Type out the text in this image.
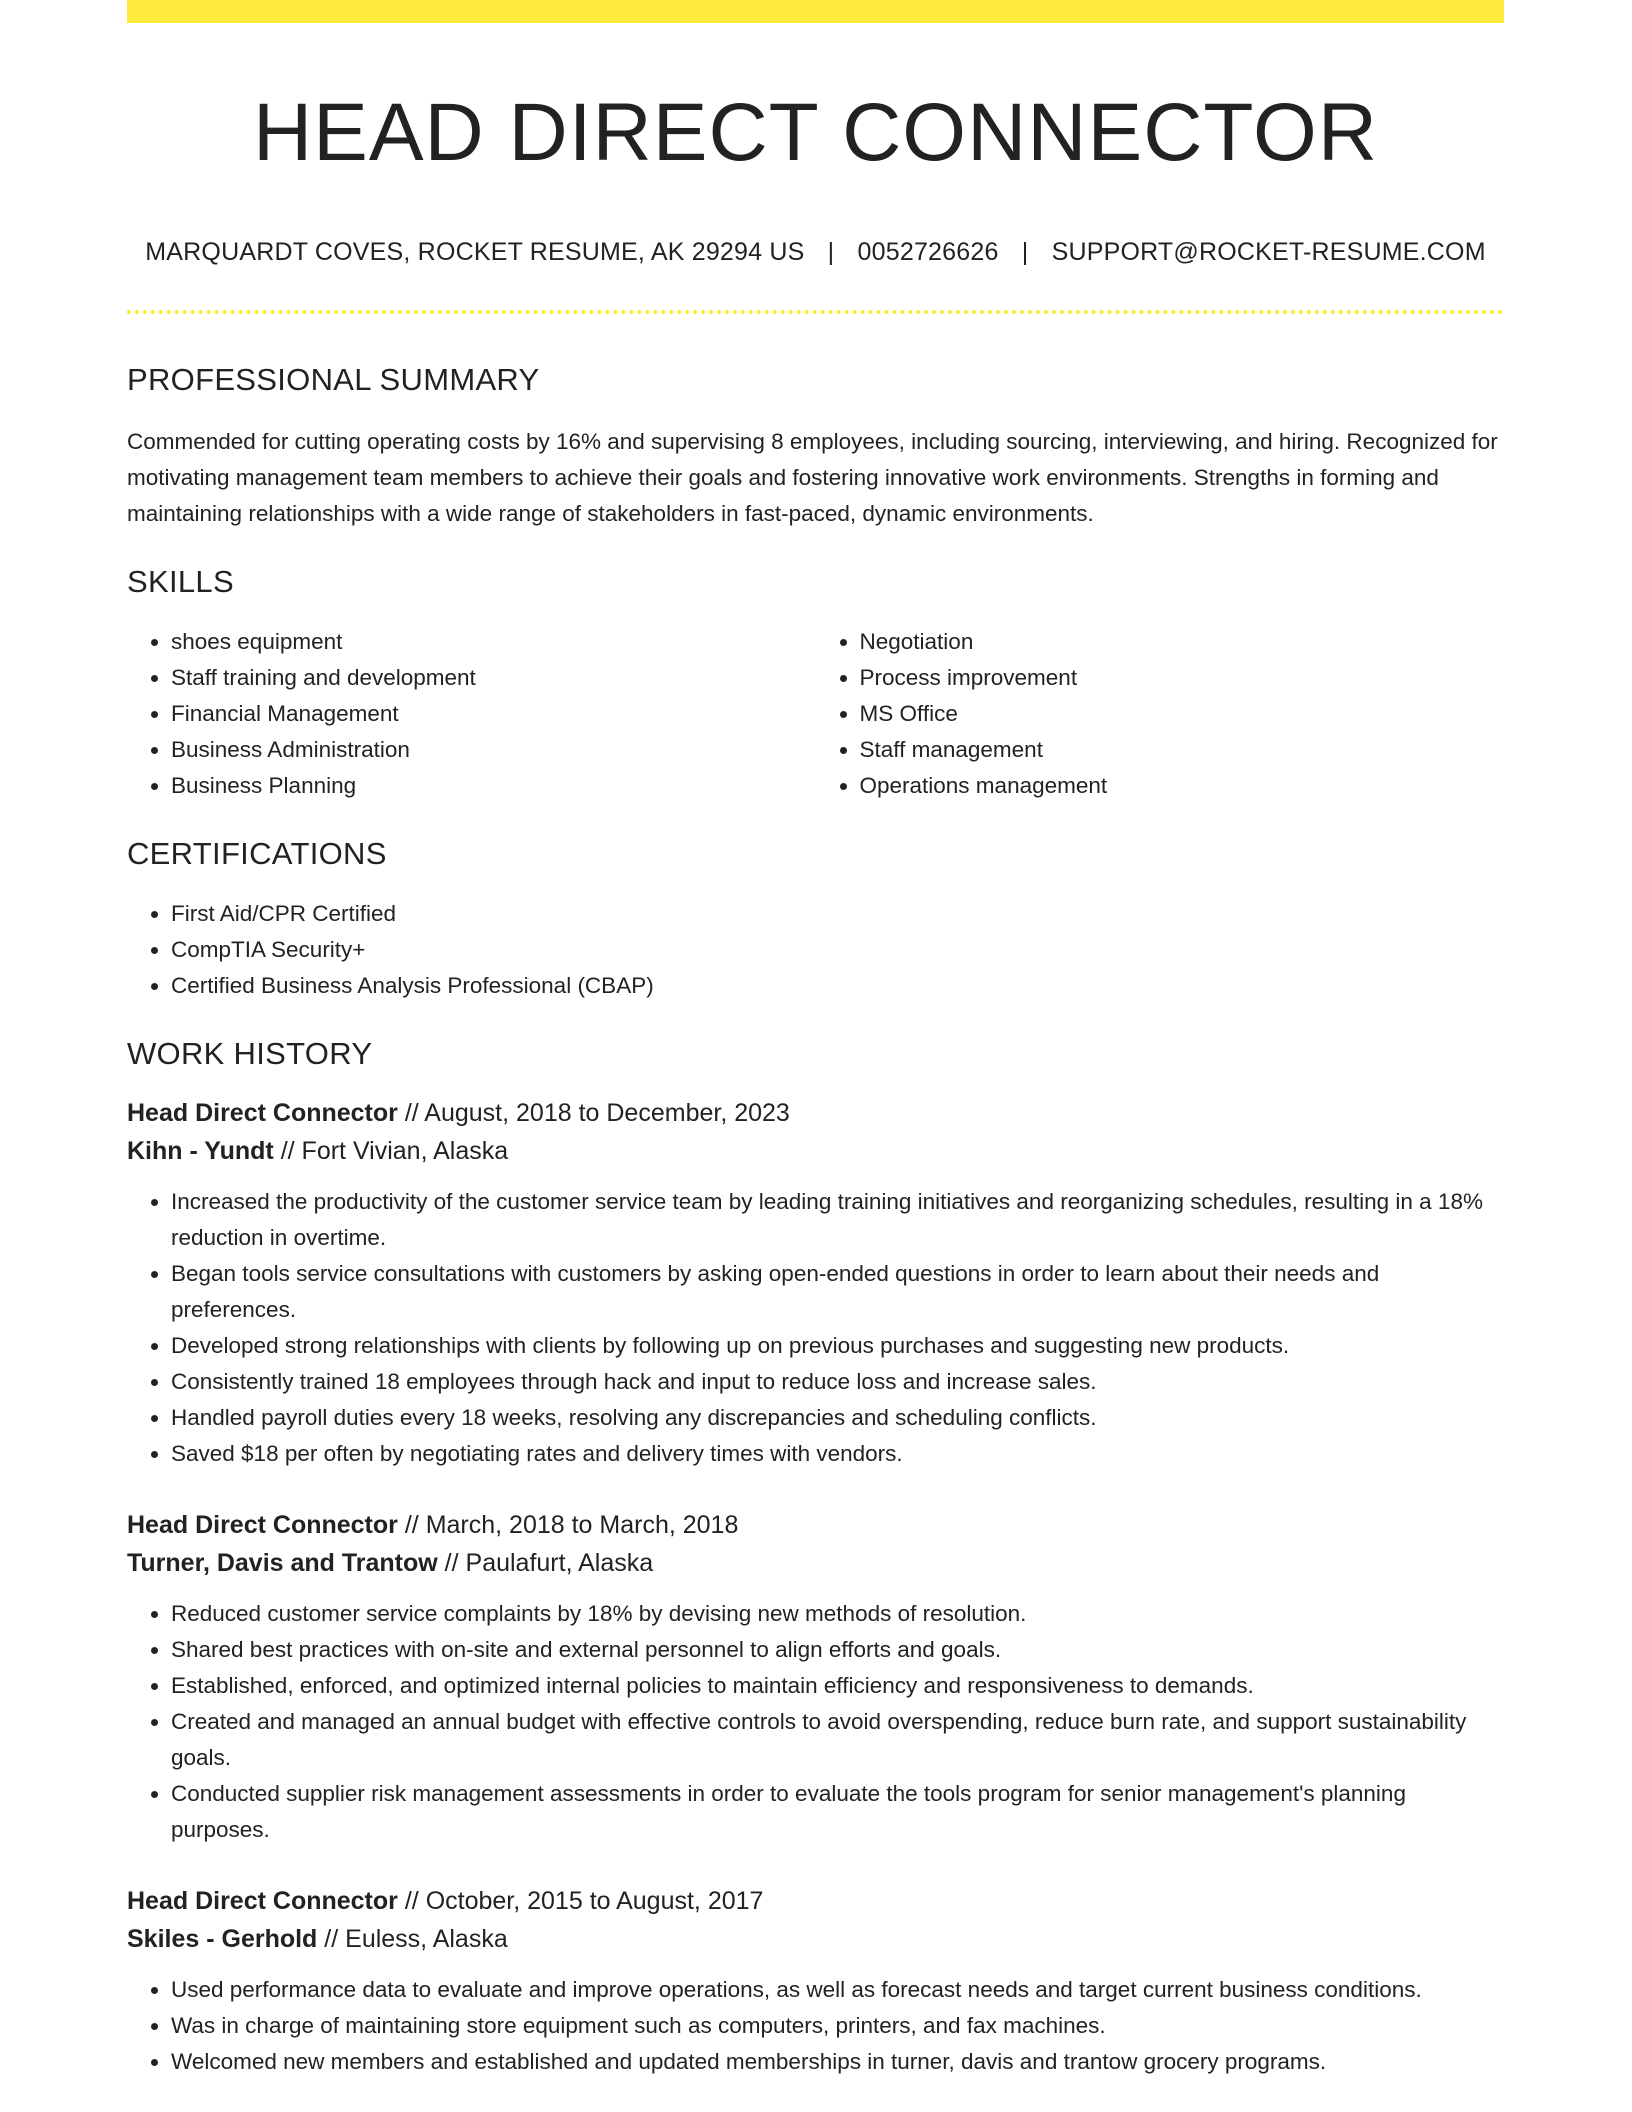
HEAD DIRECT CONNECTOR
MARQUARDT COVES, ROCKET RESUME, AK 29294 US | 0052726626 | SUPPORT@ROCKET-RESUME.COM
PROFESSIONAL SUMMARY
Commended for cutting operating costs by 16% and supervising 8 employees, including sourcing, interviewing, and hiring. Recognized for motivating management team members to achieve their goals and fostering innovative work environments. Strengths in forming and maintaining relationships with a wide range of stakeholders in fast-paced, dynamic environments.
SKILLS
• shoes equipment
• Staff training and development
• Financial Management
• Business Administration
• Business Planning
• Negotiation
• Process improvement
• MS Office
• Staff management
• Operations management
CERTIFICATIONS
• First Aid/CPR Certified
• CompTIA Security+
• Certified Business Analysis Professional (CBAP)
WORK HISTORY
Head Direct Connector // August, 2018 to December, 2023
Kihn - Yundt // Fort Vivian, Alaska
• Increased the productivity of the customer service team by leading training initiatives and reorganizing schedules, resulting in a 18% reduction in overtime.
• Began tools service consultations with customers by asking open-ended questions in order to learn about their needs and preferences.
• Developed strong relationships with clients by following up on previous purchases and suggesting new products.
• Consistently trained 18 employees through hack and input to reduce loss and increase sales.
• Handled payroll duties every 18 weeks, resolving any discrepancies and scheduling conflicts.
• Saved $18 per often by negotiating rates and delivery times with vendors.
Head Direct Connector // March, 2018 to March, 2018
Turner, Davis and Trantow // Paulafurt, Alaska
• Reduced customer service complaints by 18% by devising new methods of resolution.
• Shared best practices with on-site and external personnel to align efforts and goals.
• Established, enforced, and optimized internal policies to maintain efficiency and responsiveness to demands.
• Created and managed an annual budget with effective controls to avoid overspending, reduce burn rate, and support sustainability goals.
• Conducted supplier risk management assessments in order to evaluate the tools program for senior management's planning purposes.
Head Direct Connector // October, 2015 to August, 2017
Skiles - Gerhold // Euless, Alaska
• Used performance data to evaluate and improve operations, as well as forecast needs and target current business conditions.
• Was in charge of maintaining store equipment such as computers, printers, and fax machines.
• Welcomed new members and established and updated memberships in turner, davis and trantow grocery programs.
